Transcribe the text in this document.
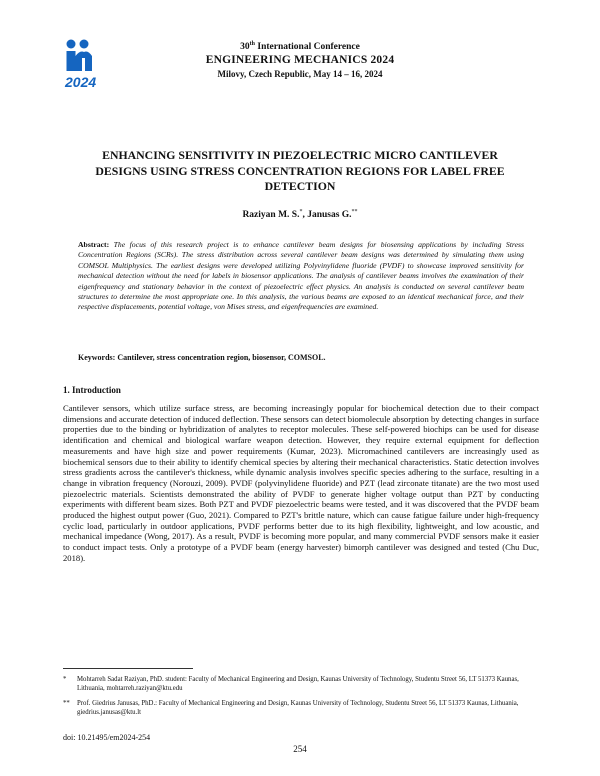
2024
30th International Conference
ENGINEERING MECHANICS 2024
Milovy, Czech Republic, May 14 – 16, 2024
ENHANCING SENSITIVITY IN PIEZOELECTRIC MICRO CANTILEVER DESIGNS USING STRESS CONCENTRATION REGIONS FOR LABEL FREE DETECTION
Raziyan M. S.*, Janusas G.**
Abstract: The focus of this research project is to enhance cantilever beam designs for biosensing applications by including Stress Concentration Regions (SCRs). The stress distribution across several cantilever beam designs was determined by simulating them using COMSOL Multiphysics. The earliest designs were developed utilizing Polyvinylidene fluoride (PVDF) to showcase improved sensitivity for mechanical detection without the need for labels in biosensor applications. The analysis of cantilever beams involves the examination of their eigenfrequency and stationary behavior in the context of piezoelectric effect physics. An analysis is conducted on several cantilever beam structures to determine the most appropriate one. In this analysis, the various beams are exposed to an identical mechanical force, and their respective displacements, potential voltage, von Mises stress, and eigenfrequencies are examined.
Keywords: Cantilever, stress concentration region, biosensor, COMSOL.
1. Introduction
Cantilever sensors, which utilize surface stress, are becoming increasingly popular for biochemical detection due to their compact dimensions and accurate detection of induced deflection. These sensors can detect biomolecule absorption by detecting changes in surface properties due to the binding or hybridization of analytes to receptor molecules. These self-powered biochips can be used for disease identification and chemical and biological warfare weapon detection. However, they require external equipment for deflection measurements and have high size and power requirements (Kumar, 2023). Micromachined cantilevers are increasingly used as biochemical sensors due to their ability to identify chemical species by altering their mechanical characteristics. Static detection involves stress gradients across the cantilever's thickness, while dynamic analysis involves specific species adhering to the surface, resulting in a change in vibration frequency (Norouzi, 2009). PVDF (polyvinylidene fluoride) and PZT (lead zirconate titanate) are the two most used piezoelectric materials. Scientists demonstrated the ability of PVDF to generate higher voltage output than PZT by conducting experiments with different beam sizes. Both PZT and PVDF piezoelectric beams were tested, and it was discovered that the PVDF beam produced the highest output power (Guo, 2021). Compared to PZT's brittle nature, which can cause fatigue failure under high-frequency cyclic load, particularly in outdoor applications, PVDF performs better due to its high flexibility, lightweight, and low acoustic, and mechanical impedance (Wong, 2017). As a result, PVDF is becoming more popular, and many commercial PVDF sensors make it easier to conduct impact tests. Only a prototype of a PVDF beam (energy harvester) bimorph cantilever was designed and tested (Chu Duc, 2018).
*	Mohtarreh Sadat Raziyan, PhD. student: Faculty of Mechanical Engineering and Design, Kaunas University of Technology, Studentu Street 56, LT 51373 Kaunas, Lithuania, mohtarreh.raziyan@ktu.edu
**	Prof. Giedrius Janusas, PhD.: Faculty of Mechanical Engineering and Design, Kaunas University of Technology, Studentu Street 56, LT 51373 Kaunas, Lithuania, giedrius.janusas@ktu.lt
doi: 10.21495/em2024-254
254
